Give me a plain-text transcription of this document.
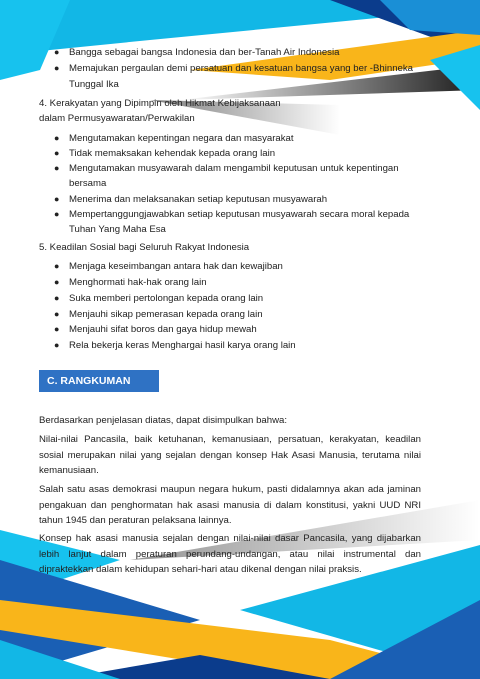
● Bangga sebagai bangsa Indonesia dan ber-Tanah Air Indonesia
● Memajukan pergaulan demi persatuan dan kesatuan bangsa yang ber -Bhinneka
Tunggal Ika
4. Kerakyatan yang Dipimpin oleh Hikmat Kebijaksanaan
dalam Permusyawaratan/Perwakilan
● Mengutamakan kepentingan negara dan masyarakat
● Tidak memaksakan kehendak kepada orang lain
● Mengutamakan musyawarah dalam mengambil keputusan untuk kepentingan
bersama
● Menerima dan melaksanakan setiap keputusan musyawarah
● Mempertanggungjawabkan setiap keputusan musyawarah secara moral kepada
Tuhan Yang Maha Esa
5. Keadilan Sosial bagi Seluruh Rakyat Indonesia
● Menjaga keseimbangan antara hak dan kewajiban
● Menghormati hak-hak orang lain
● Suka memberi pertolongan kepada orang lain
● Menjauhi sikap pemerasan kepada orang lain
● Menjauhi sifat boros dan gaya hidup mewah
● Rela bekerja keras Menghargai hasil karya orang lain
C. RANGKUMAN
Berdasarkan penjelasan diatas, dapat disimpulkan bahwa:
Nilai-nilai Pancasila, baik ketuhanan, kemanusiaan, persatuan, kerakyatan, keadilan sosial merupakan nilai yang sejalan dengan konsep Hak Asasi Manusia, terutama nilai kemanusiaan.
Salah satu asas demokrasi maupun negara hukum, pasti didalamnya akan ada jaminan pengakuan dan penghormatan hak asasi manusia di dalam konstitusi, yakni UUD NRI tahun 1945 dan peraturan pelaksana lainnya.
Konsep hak asasi manusia sejalan dengan nilai-nilai dasar Pancasila, yang dijabarkan lebih lanjut dalam peraturan perundang-undangan, atau nilai instrumental dan dipraktekkan dalam kehidupan sehari-hari atau dikenal dengan nilai praksis.
